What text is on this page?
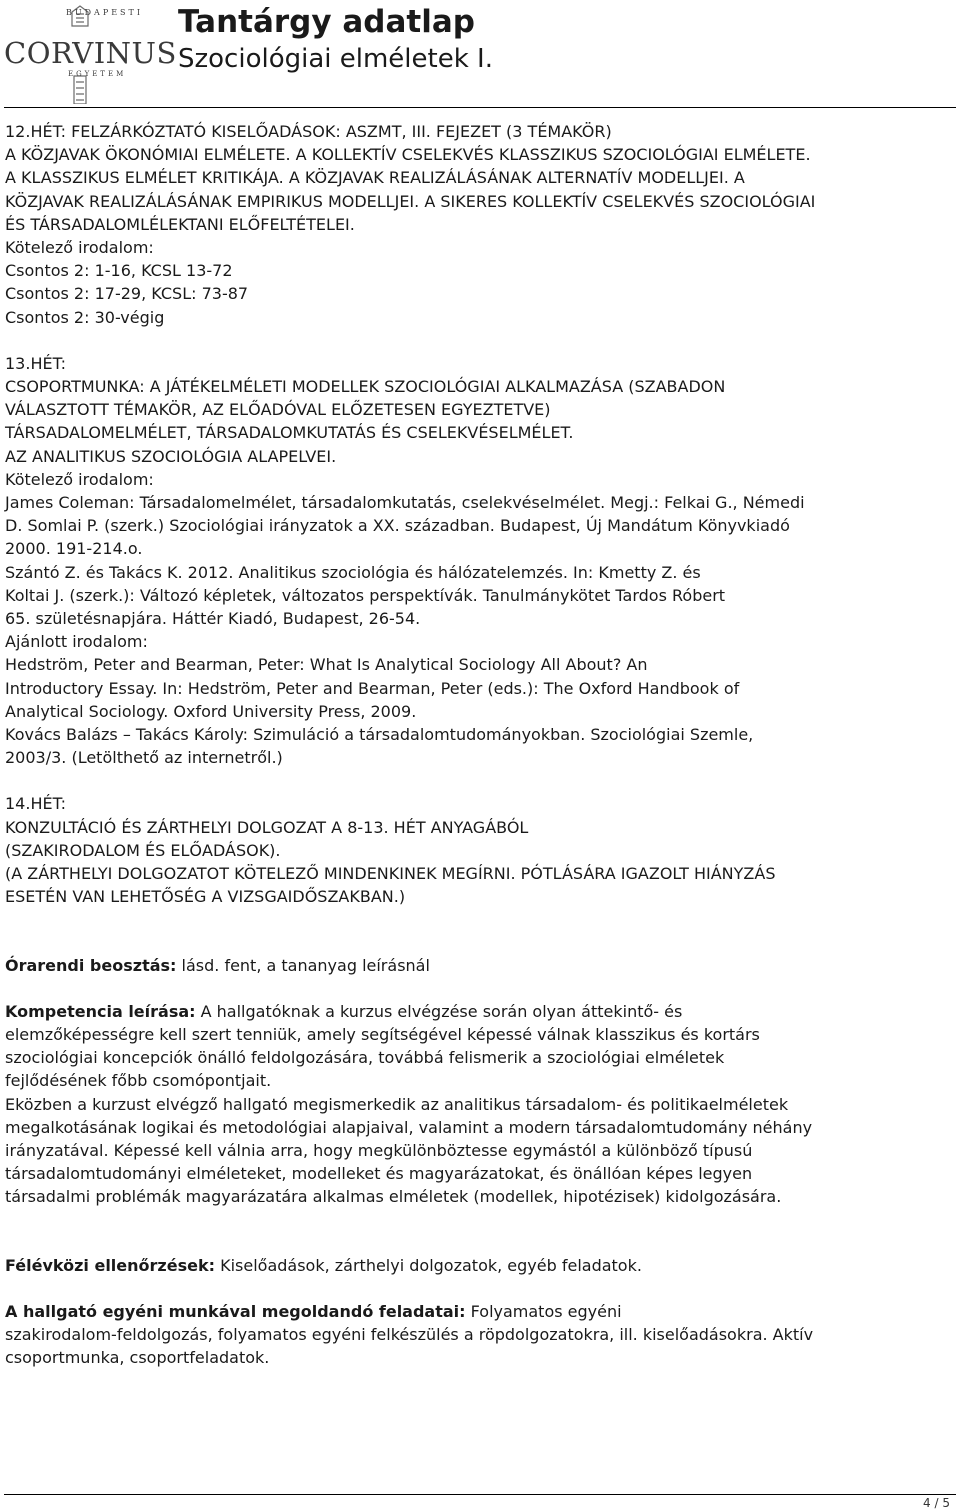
BUDAPESTI
CORVINUS
EGYETEM
Tantárgy adatlap
Szociológiai elméletek I.

12.HÉT: FELZÁRKÓZTATÓ KISELŐADÁSOK: ASZMT, III. FEJEZET (3 TÉMAKÖR)

A KÖZJAVAK ÖKONÓMIAI ELMÉLETE. A KOLLEKTÍV CSELEKVÉS KLASSZIKUS SZOCIOLÓGIAI ELMÉLETE.

A KLASSZIKUS ELMÉLET KRITIKÁJA. A KÖZJAVAK REALIZÁLÁSÁNAK ALTERNATÍV MODELLJEI. A

KÖZJAVAK REALIZÁLÁSÁNAK EMPIRIKUS MODELLJEI. A SIKERES KOLLEKTÍV CSELEKVÉS SZOCIOLÓGIAI

ÉS TÁRSADALOMLÉLEKTANI ELŐFELTÉTELEI.

Kötelező irodalom:

Csontos 2: 1-16, KCSL 13-72

Csontos 2: 17-29, KCSL: 73-87

Csontos 2: 30-végig

13.HÉT:

CSOPORTMUNKA: A JÁTÉKELMÉLETI MODELLEK SZOCIOLÓGIAI ALKALMAZÁSA (SZABADON

VÁLASZTOTT TÉMAKÖR, AZ ELŐADÓVAL ELŐZETESEN EGYEZTETVE)

TÁRSADALOMELMÉLET, TÁRSADALOMKUTATÁS ÉS CSELEKVÉSELMÉLET.

AZ ANALITIKUS SZOCIOLÓGIA ALAPELVEI.

Kötelező irodalom:

James Coleman: Társadalomelmélet, társadalomkutatás, cselekvéselmélet. Megj.: Felkai G., Némedi

D. Somlai P. (szerk.) Szociológiai irányzatok a XX. században. Budapest, Új Mandátum Könyvkiadó

2000. 191-214.o.

Szántó Z. és Takács K. 2012. Analitikus szociológia és hálózatelemzés. In: Kmetty Z. és

Koltai J. (szerk.): Változó képletek, változatos perspektívák. Tanulmánykötet Tardos Róbert

65. születésnapjára. Háttér Kiadó, Budapest, 26-54.

Ajánlott irodalom:

Hedström, Peter and Bearman, Peter: What Is Analytical Sociology All About? An

Introductory Essay. In: Hedström, Peter and Bearman, Peter (eds.): The Oxford Handbook of

Analytical Sociology. Oxford University Press, 2009.

Kovács Balázs – Takács Károly: Szimuláció a társadalomtudományokban. Szociológiai Szemle,

2003/3. (Letölthető az internetről.)

14.HÉT:

KONZULTÁCIÓ ÉS ZÁRTHELYI DOLGOZAT A 8-13. HÉT ANYAGÁBÓL

(SZAKIRODALOM ÉS ELŐADÁSOK).

(A ZÁRTHELYI DOLGOZATOT KÖTELEZŐ MINDENKINEK MEGÍRNI. PÓTLÁSÁRA IGAZOLT HIÁNYZÁS

ESETÉN VAN LEHETŐSÉG A VIZSGAIDŐSZAKBAN.)

Órarendi beosztás: lásd. fent, a tananyag leírásnál

Kompetencia leírása: A hallgatóknak a kurzus elvégzése során olyan áttekintő- és

elemzőképességre kell szert tenniük, amely segítségével képessé válnak klasszikus és kortárs

szociológiai koncepciók önálló feldolgozására, továbbá felismerik a szociológiai elméletek

fejlődésének főbb csomópontjait.

Eközben a kurzust elvégző hallgató megismerkedik az analitikus társadalom- és politikaelméletek

megalkotásának logikai és metodológiai alapjaival, valamint a modern társadalomtudomány néhány

irányzatával. Képessé kell válnia arra, hogy megkülönböztesse egymástól a különböző típusú

társadalomtudományi elméleteket, modelleket és magyarázatokat, és önállóan képes legyen

társadalmi problémák magyarázatára alkalmas elméletek (modellek, hipotézisek) kidolgozására.

Félévközi ellenőrzések: Kiselőadások, zárthelyi dolgozatok, egyéb feladatok.

A hallgató egyéni munkával megoldandó feladatai: Folyamatos egyéni

szakirodalom-feldolgozás, folyamatos egyéni felkészülés a röpdolgozatokra, ill. kiselőadásokra. Aktív

csoportmunka, csoportfeladatok.

4 / 5
